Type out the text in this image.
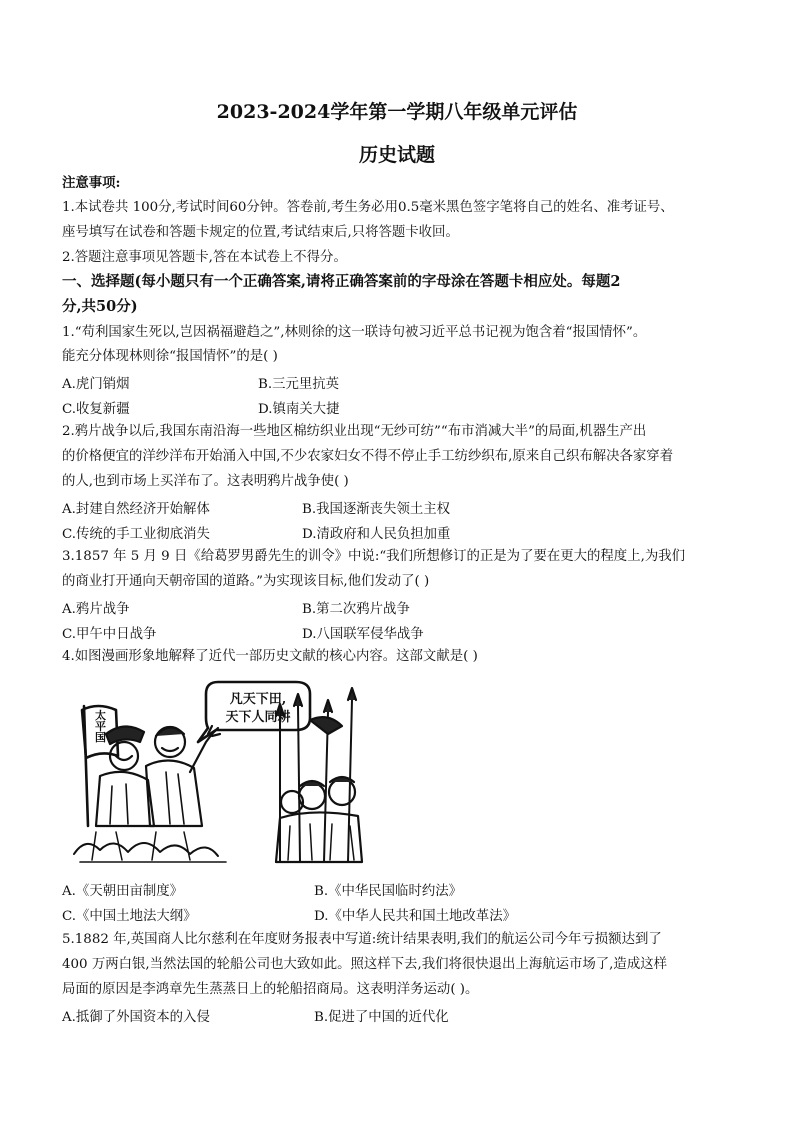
2023-2024学年第一学期八年级单元评估
历史试题
注意事项:
1.本试卷共 100分,考试时间60分钟。答卷前,考生务必用0.5毫米黑色签字笔将自己的姓名、准考证号、
座号填写在试卷和答题卡规定的位置,考试结束后,只将答题卡收回。
2.答题注意事项见答题卡,答在本试卷上不得分。
一、选择题(每小题只有一个正确答案,请将正确答案前的字母涂在答题卡相应处。每题2
分,共50分)
1.“苟利国家生死以,岂因祸福避趋之”,林则徐的这一联诗句被习近平总书记视为饱含着“报国情怀”。
能充分体现林则徐“报国情怀”的是( )
A.虎门销烟	B.三元里抗英
C.收复新疆	D.镇南关大捷
2.鸦片战争以后,我国东南沿海一些地区棉纺织业出现“无纱可纺”“布市消减大半”的局面,机器生产出
的价格便宜的洋纱洋布开始涌入中国,不少农家妇女不得不停止手工纺纱织布,原来自己织布解决各家穿着
的人,也到市场上买洋布了。这表明鸦片战争使( )
A.封建自然经济开始解体	B.我国逐渐丧失领土主权
C.传统的手工业彻底消失	D.清政府和人民负担加重
3.1857 年 5 月 9 日《给葛罗男爵先生的训令》中说:“我们所想修订的正是为了要在更大的程度上,为我们
的商业打开通向天朝帝国的道路。”为实现该目标,他们发动了( )
A.鸦片战争	B.第二次鸦片战争
C.甲午中日战争	D.八国联军侵华战争
4.如图漫画形象地解释了近代一部历史文献的核心内容。这部文献是( )
凡天下田,
天下人同耕
太平国
A.《天朝田亩制度》	B.《中华民国临时约法》
C.《中国土地法大纲》	D.《中华人民共和国土地改革法》
5.1882 年,英国商人比尔慈利在年度财务报表中写道:统计结果表明,我们的航运公司今年亏损额达到了
400 万两白银,当然法国的轮船公司也大致如此。照这样下去,我们将很快退出上海航运市场了,造成这样
局面的原因是李鸿章先生蒸蒸日上的轮船招商局。这表明洋务运动( )。
A.抵御了外国资本的入侵	B.促进了中国的近代化
